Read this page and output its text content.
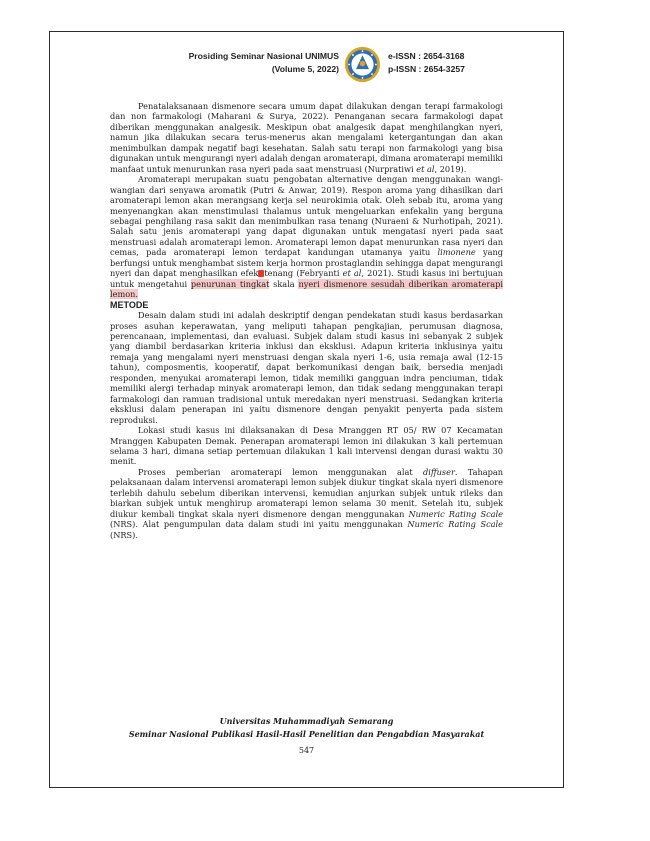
Prosiding Seminar Nasional UNIMUS
(Volume 5, 2022)
e-ISSN : 2654-3168
p-ISSN : 2654-3257

Penatalaksanaan dismenore secara umum dapat dilakukan dengan terapi farmakologi dan non farmakologi (Maharani & Surya, 2022). Penanganan secara farmakologi dapat diberikan menggunakan analgesik. Meskipun obat analgesik dapat menghilangkan nyeri, namun jika dilakukan secara terus-menerus akan mengalami ketergantungan dan akan menimbulkan dampak negatif bagi kesehatan. Salah satu terapi non farmakologi yang bisa digunakan untuk mengurangi nyeri adalah dengan aromaterapi, dimana aromaterapi memiliki manfaat untuk menurunkan rasa nyeri pada saat menstruasi (Nurpratiwi et al, 2019).

Aromaterapi merupakan suatu pengobatan alternative dengan menggunakan wangi-wangian dari senyawa aromatik (Putri & Anwar, 2019). Respon aroma yang dihasilkan dari aromaterapi lemon akan merangsang kerja sel neurokimia otak. Oleh sebab itu, aroma yang menyenangkan akan menstimulasi thalamus untuk mengeluarkan enfekalin yang berguna sebagai penghilang rasa sakit dan menimbulkan rasa tenang (Nuraeni & Nurhotipah, 2021). Salah satu jenis aromaterapi yang dapat digunakan untuk mengatasi nyeri pada saat menstruasi adalah aromaterapi lemon. Aromaterapi lemon dapat menurunkan rasa nyeri dan cemas, pada aromaterapi lemon terdapat kandungan utamanya yaitu limonene yang berfungsi untuk menghambat sistem kerja hormon prostaglandin sehingga dapat mengurangi nyeri dan dapat menghasilkan efek tenang (Febryanti et al, 2021). Studi kasus ini bertujuan untuk mengetahui penurunan tingkat skala nyeri dismenore sesudah diberikan aromaterapi lemon.

METODE

Desain dalam studi ini adalah deskriptif dengan pendekatan studi kasus berdasarkan proses asuhan keperawatan, yang meliputi tahapan pengkajian, perumusan diagnosa, perencanaan, implementasi, dan evaluasi. Subjek dalam studi kasus ini sebanyak 2 subjek yang diambil berdasarkan kriteria inklusi dan eksklusi. Adapun kriteria inklusinya yaitu remaja yang mengalami nyeri menstruasi dengan skala nyeri 1-6, usia remaja awal (12-15 tahun), composmentis, kooperatif, dapat berkomunikasi dengan baik, bersedia menjadi responden, menyukai aromaterapi lemon, tidak memiliki gangguan indra penciuman, tidak memiliki alergi terhadap minyak aromaterapi lemon, dan tidak sedang menggunakan terapi farmakologi dan ramuan tradisional untuk meredakan nyeri menstruasi. Sedangkan kriteria eksklusi dalam penerapan ini yaitu dismenore dengan penyakit penyerta pada sistem reproduksi.

Lokasi studi kasus ini dilaksanakan di Desa Mranggen RT 05/ RW 07 Kecamatan Mranggen Kabupaten Demak. Penerapan aromaterapi lemon ini dilakukan 3 kali pertemuan selama 3 hari, dimana setiap pertemuan dilakukan 1 kali intervensi dengan durasi waktu 30 menit.

Proses pemberian aromaterapi lemon menggunakan alat diffuser. Tahapan pelaksanaan dalam intervensi aromaterapi lemon subjek diukur tingkat skala nyeri dismenore terlebih dahulu sebelum diberikan intervensi, kemudian anjurkan subjek untuk rileks dan biarkan subjek untuk menghirup aromaterapi lemon selama 30 menit. Setelah itu, subjek diukur kembali tingkat skala nyeri dismenore dengan menggunakan Numeric Rating Scale (NRS). Alat pengumpulan data dalam studi ini yaitu menggunakan Numeric Rating Scale (NRS).

Universitas Muhammadiyah Semarang
Seminar Nasional Publikasi Hasil-Hasil Penelitian dan Pengabdian Masyarakat
547
